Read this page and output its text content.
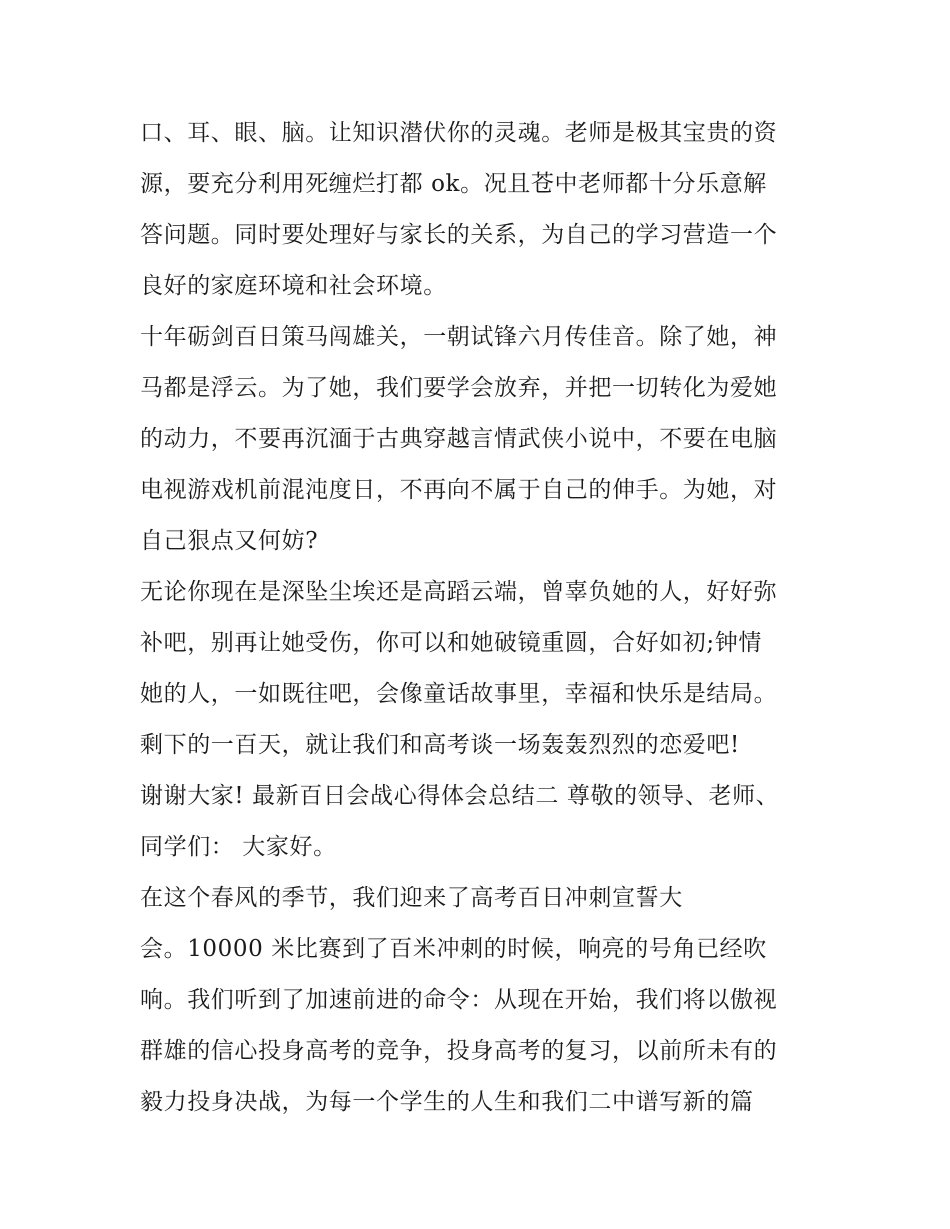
口、耳、眼、脑。让知识潜伏你的灵魂。老师是极其宝贵的资
源，要充分利用死缠烂打都 ok。况且苍中老师都十分乐意解
答问题。同时要处理好与家长的关系，为自己的学习营造一个
良好的家庭环境和社会环境。
十年砺剑百日策马闯雄关，一朝试锋六月传佳音。除了她，神
马都是浮云。为了她，我们要学会放弃，并把一切转化为爱她
的动力，不要再沉湎于古典穿越言情武侠小说中，不要在电脑
电视游戏机前混沌度日，不再向不属于自己的伸手。为她，对
自己狠点又何妨?
无论你现在是深坠尘埃还是高蹈云端，曾辜负她的人，好好弥
补吧，别再让她受伤，你可以和她破镜重圆，合好如初;钟情
她的人，一如既往吧，会像童话故事里，幸福和快乐是结局。
剩下的一百天，就让我们和高考谈一场轰轰烈烈的恋爱吧!
谢谢大家! 最新百日会战心得体会总结二 尊敬的领导、老师、
同学们： 大家好。
在这个春风的季节，我们迎来了高考百日冲刺宣誓大
会。10000 米比赛到了百米冲刺的时候，响亮的号角已经吹
响。我们听到了加速前进的命令：从现在开始，我们将以傲视
群雄的信心投身高考的竞争，投身高考的复习，以前所未有的
毅力投身决战，为每一个学生的人生和我们二中谱写新的篇
